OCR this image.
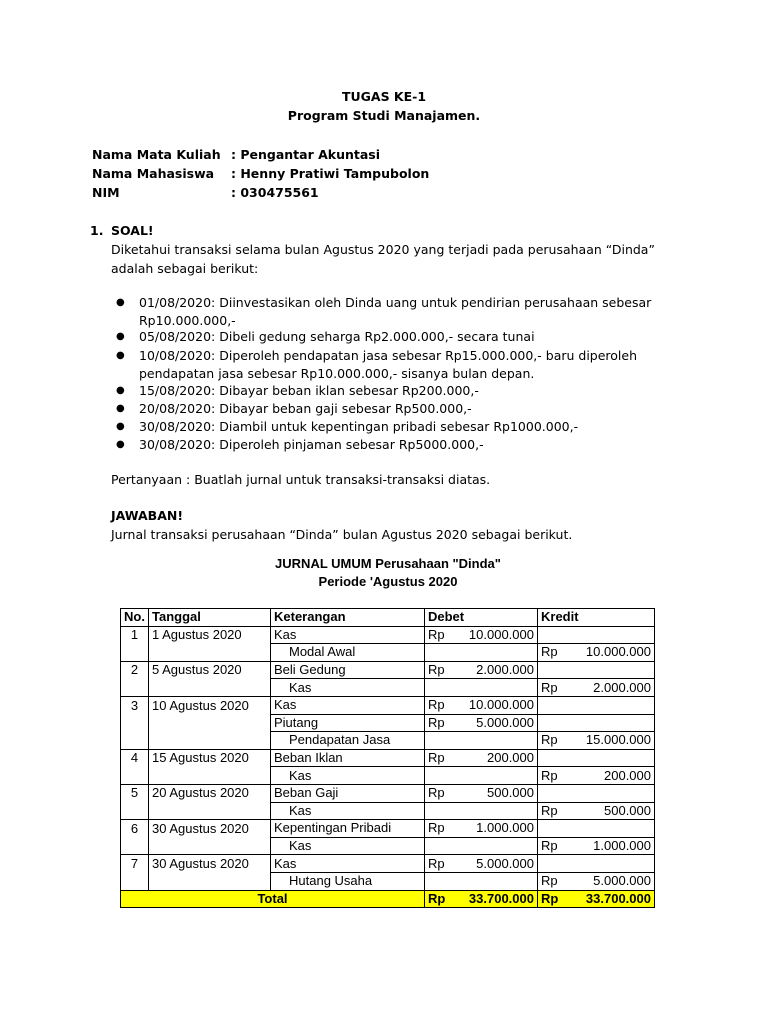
TUGAS KE-1
Program Studi Manajamen.
Nama Mata Kuliah : Pengantar Akuntasi
Nama Mahasiswa : Henny Pratiwi Tampubolon
NIM	: 030475561
1. SOAL!
Diketahui transaksi selama bulan Agustus 2020 yang terjadi pada perusahaan “Dinda”
adalah sebagai berikut:
● 01/08/2020: Diinvestasikan oleh Dinda uang untuk pendirian perusahaan sebesar
Rp10.000.000,-
● 05/08/2020: Dibeli gedung seharga Rp2.000.000,- secara tunai
● 10/08/2020: Diperoleh pendapatan jasa sebesar Rp15.000.000,- baru diperoleh
pendapatan jasa sebesar Rp10.000.000,- sisanya bulan depan.
● 15/08/2020: Dibayar beban iklan sebesar Rp200.000,-
● 20/08/2020: Dibayar beban gaji sebesar Rp500.000,-
● 30/08/2020: Diambil untuk kepentingan pribadi sebesar Rp1000.000,-
● 30/08/2020: Diperoleh pinjaman sebesar Rp5000.000,-
Pertanyaan : Buatlah jurnal untuk transaksi-transaksi diatas.
JAWABAN!
Jurnal transaksi perusahaan “Dinda” bulan Agustus 2020 sebagai berikut.
JURNAL UMUM Perusahaan "Dinda"
Periode 'Agustus 2020
No.	Tanggal	Keterangan	Debet	Kredit
1	1 Agustus 2020	Kas	Rp 10.000.000	

		Modal Awal		Rp 10.000.000

2	5 Agustus 2020	Beli Gedung	Rp 2.000.000	

		Kas		Rp 2.000.000

3	10 Agustus 2020	Kas	Rp 10.000.000	

		Piutang	Rp 5.000.000	

		Pendapatan Jasa		Rp 15.000.000

4	15 Agustus 2020	Beban Iklan	Rp 200.000	

		Kas		Rp 200.000

5	20 Agustus 2020	Beban Gaji	Rp 500.000	

		Kas		Rp 500.000

6	30 Agustus 2020	Kepentingan Pribadi	Rp 1.000.000	

		Kas		Rp 1.000.000

7	30 Agustus 2020	Kas	Rp 5.000.000	

		Hutang Usaha		Rp 5.000.000

Total			Rp 33.700.000	Rp 33.700.000
